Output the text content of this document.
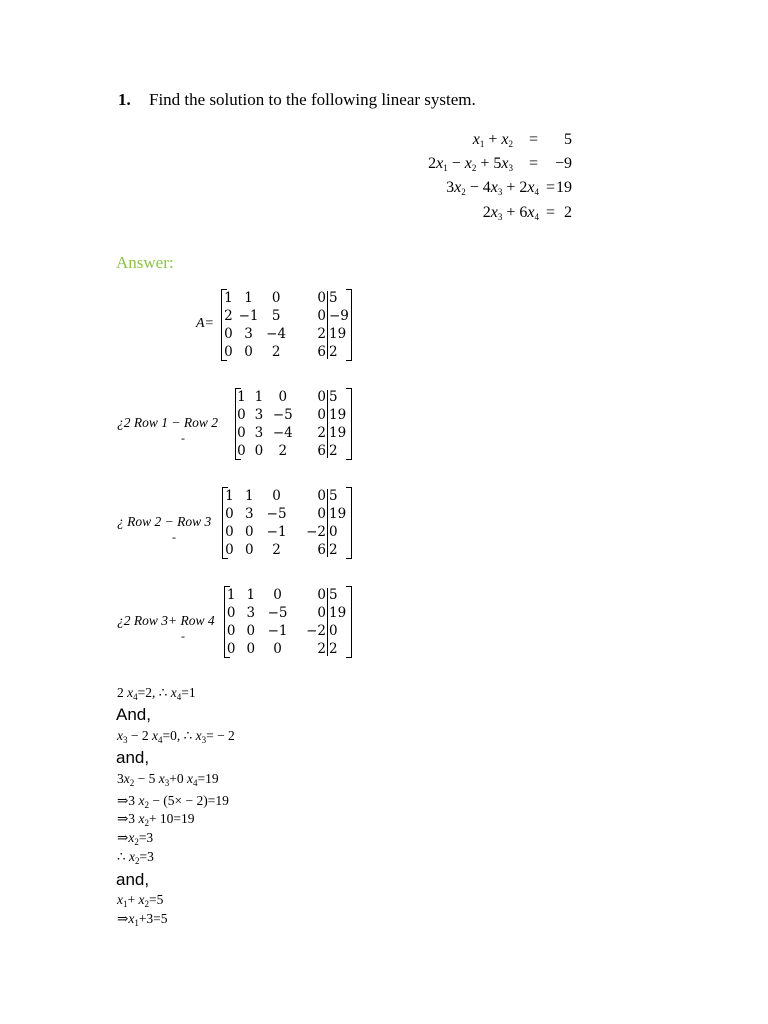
1. Find the solution to the following linear system.
$x_1 + x_2 = 5$
$2x_1 - x_2 + 5x_3 = -9$
$3x_2 - 4x_3 + 2x_4 = 19$
$2x_3 + 6x_4 = 2$
Answer:
A=
1 1	0	0 5
2 −1 5	0 −9
0 3 −4	2 19
0 0	2	6 2
¿2 Row 1 − Row 2
-
1 1	0	0 5
0 3 −5	0 19
0 3 −4	2 19
0 0	2	6 2
¿ Row 2 − Row 3
-
1 1	0	0 5
0 3 −5	0 19
0 0 −1	−2 0
0 0	2	6 2
¿2 Row 3+ Row 4
-
1 1	0	0 5
0 3 −5	0 19
0 0 −1	−2 0
0 0	0	2 2
2 $x_4=2$, ∴ $x_4=1$
And,
$x_3 - 2$ $x_4=0$, ∴ $x_3= - 2$
and,
$3x_2 - 5$ $x_3+0$ $x_4=19$
⇒3 $x_2 - (5\times - 2)=19$
⇒3 $x_2+ 10=19$
$\Rightarrow x_2=3$
∴ $x_2=3$
and,
$x_1+ x_2=5$
$\Rightarrow x_1+3=5$
